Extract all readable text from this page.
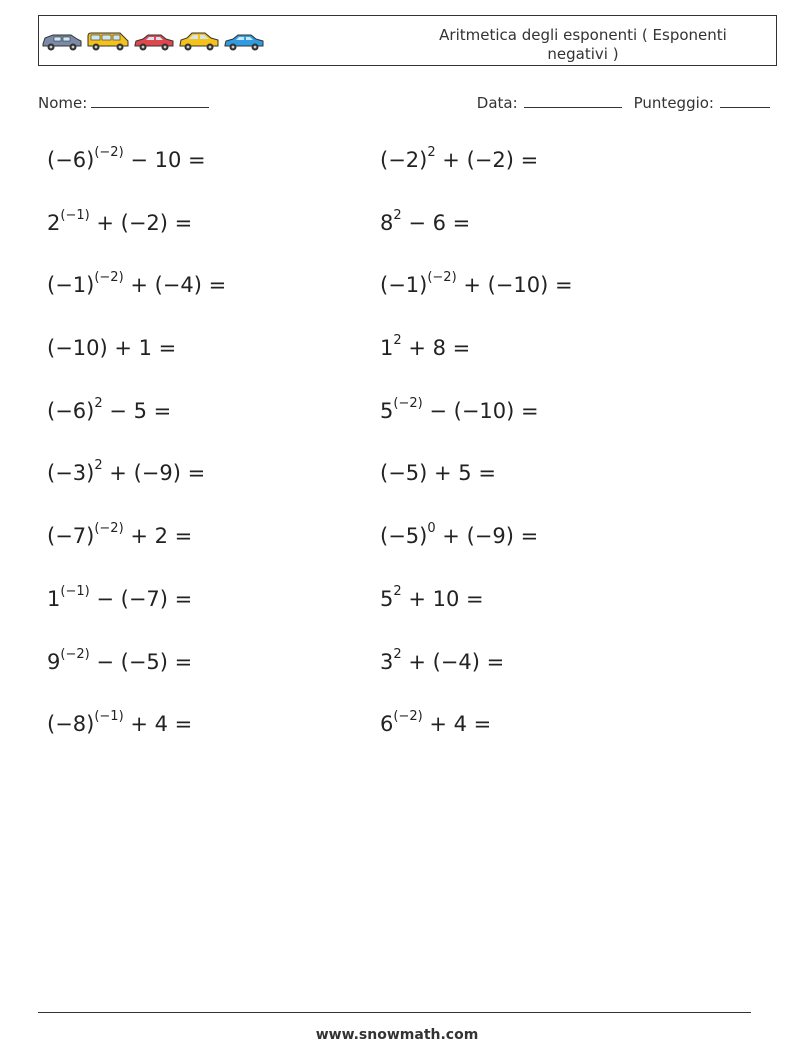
Aritmetica degli esponenti ( Esponenti negativi )
Nome:	Data:	Punteggio:
$(-6)^{(-2)} - 10$ =	$(-2)^2 + (-2)$ =
$2^{(-1)} + (-2)$ =	$8^2 - 6$ =
$(-1)^{(-2)} + (-4)$ =	$(-1)^{(-2)} + (-10)$ =
(−10) + 1 =	$1^2 + 8$ =
$(-6)^2 - 5$ =	$5^{(-2)} - (-10)$ =
$(-3)^2 + (-9)$ =	(−5) + 5 =
$(-7)^{(-2)} + 2$ =	$(-5)^0 + (-9)$ =
$1^{(-1)} - (-7)$ =	$5^2 + 10$ =
$9^{(-2)} - (-5)$ =	$3^2 + (-4)$ =
$(-8)^{(-1)} + 4$ =	$6^{(-2)} + 4$ =
www.snowmath.com
